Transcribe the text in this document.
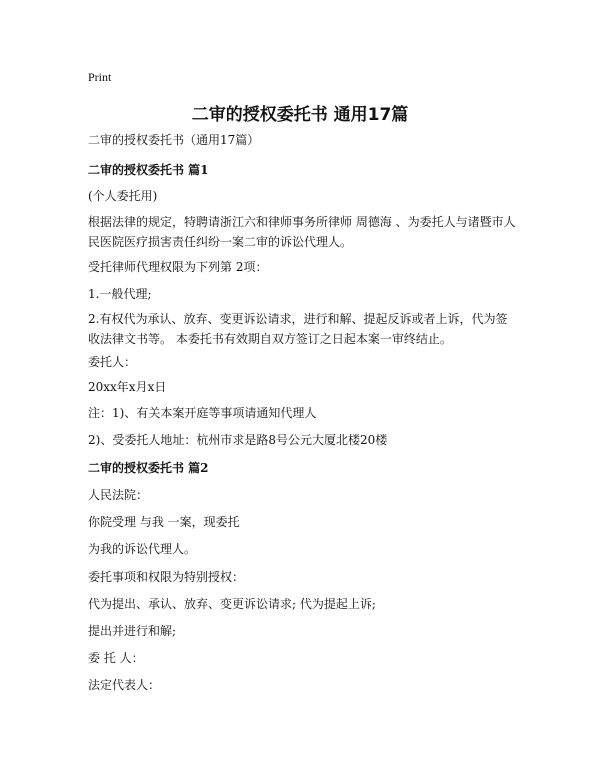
Print
二审的授权委托书 通用17篇
二审的授权委托书（通用17篇）
二审的授权委托书 篇1
(个人委托用)
根据法律的规定，特聘请浙江六和律师事务所律师 周德海 、为委托人与诸暨市人民医院医疗损害责任纠纷一案二审的诉讼代理人。
受托律师代理权限为下列第 2项：
1.一般代理;
2.有权代为承认、放弃、变更诉讼请求，进行和解、提起反诉或者上诉，代为签收法律文书等。 本委托书有效期自双方签订之日起本案一审终结止。
委托人：
20xx年x月x日
注：1)、有关本案开庭等事项请通知代理人
2)、受委托人地址：杭州市求是路8号公元大厦北楼20楼
二审的授权委托书 篇2
人民法院：
你院受理 与我 一案，现委托
为我的诉讼代理人。
委托事项和权限为特别授权：
代为提出、承认、放弃、变更诉讼请求; 代为提起上诉;
提出并进行和解;
委 托 人：
法定代表人：
